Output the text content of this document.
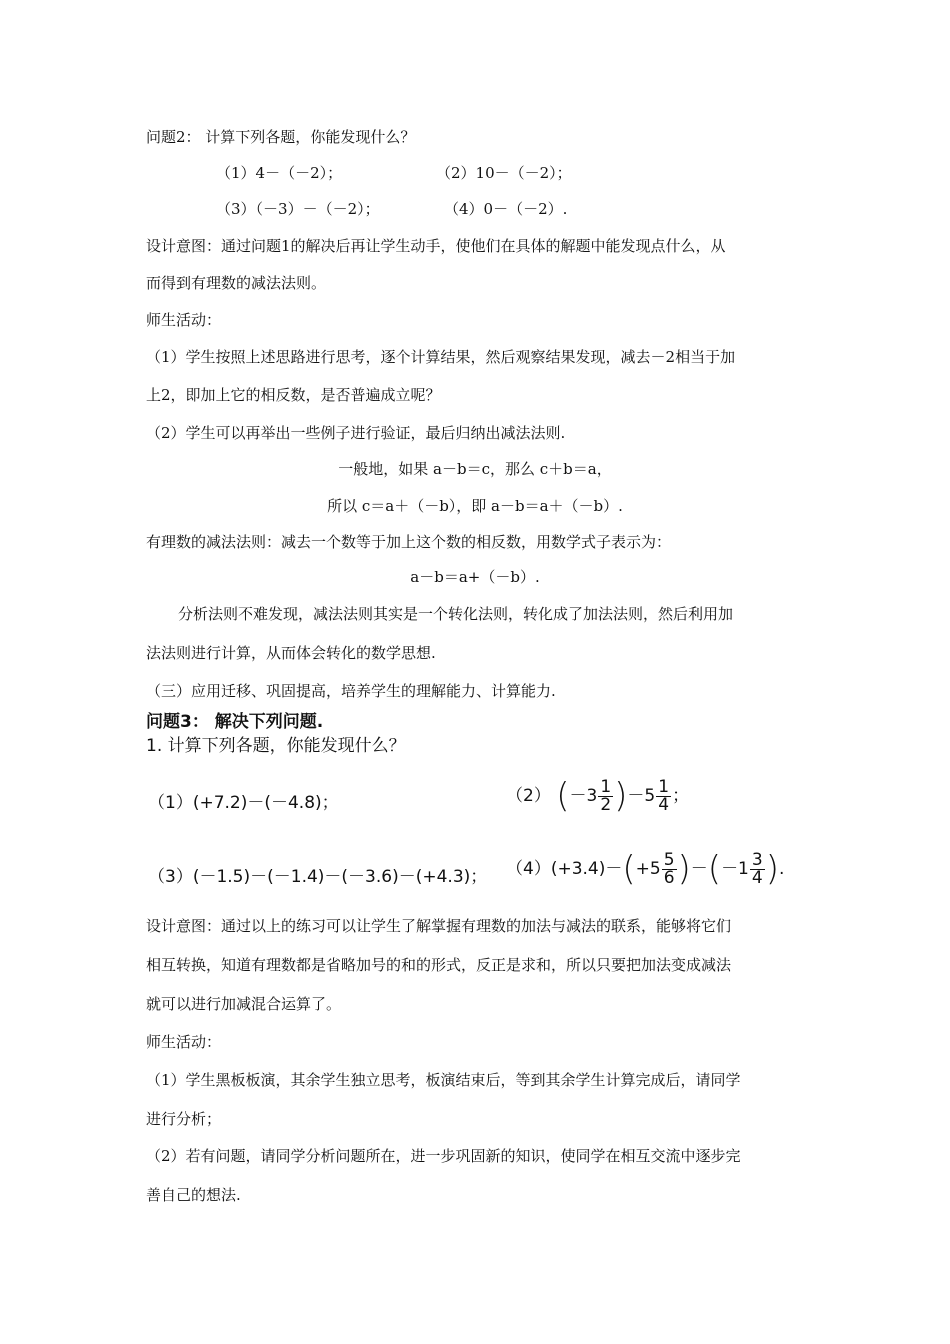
问题2： 计算下列各题，你能发现什么？
（1）4－（－2）；	（2）10－（－2）；
（3）（－3）－（－2）；	（4）0－（－2）.
设计意图：通过问题1的解决后再让学生动手，使他们在具体的解题中能发现点什么，从
而得到有理数的减法法则。
师生活动：
（1）学生按照上述思路进行思考，逐个计算结果，然后观察结果发现，减去－2相当于加
上2，即加上它的相反数，是否普遍成立呢？
（2）学生可以再举出一些例子进行验证，最后归纳出减法法则.
一般地，如果 a－b＝c，那么 c＋b＝a，
所以 c＝a＋（－b），即 a－b＝a＋（－b）.
有理数的减法法则：减去一个数等于加上这个数的相反数，用数学式子表示为：
a－b＝a+（－b）.
分析法则不难发现，减法法则其实是一个转化法则，转化成了加法法则，然后利用加
法法则进行计算，从而体会转化的数学思想.
（三）应用迁移、巩固提高，培养学生的理解能力、计算能力.
问题3： 解决下列问题.
1. 计算下列各题，你能发现什么？
（1）(+7.2)－(－4.8)；	（2） $(-3 \frac{1}{2} )-5 \frac{1}{4}$ ；
（3）(－1.5)－(－1.4)－(－3.6)－(+4.3)； $(4)(+3.4)-(+5 \frac{5}{6} )-(-1 \frac{3}{4}$ ).
设计意图：通过以上的练习可以让学生了解掌握有理数的加法与减法的联系，能够将它们
相互转换，知道有理数都是省略加号的和的形式，反正是求和，所以只要把加法变成减法
就可以进行加减混合运算了。
师生活动：
（1）学生黑板板演，其余学生独立思考，板演结束后，等到其余学生计算完成后，请同学
进行分析；
（2）若有问题，请同学分析问题所在，进一步巩固新的知识，使同学在相互交流中逐步完
善自己的想法.
